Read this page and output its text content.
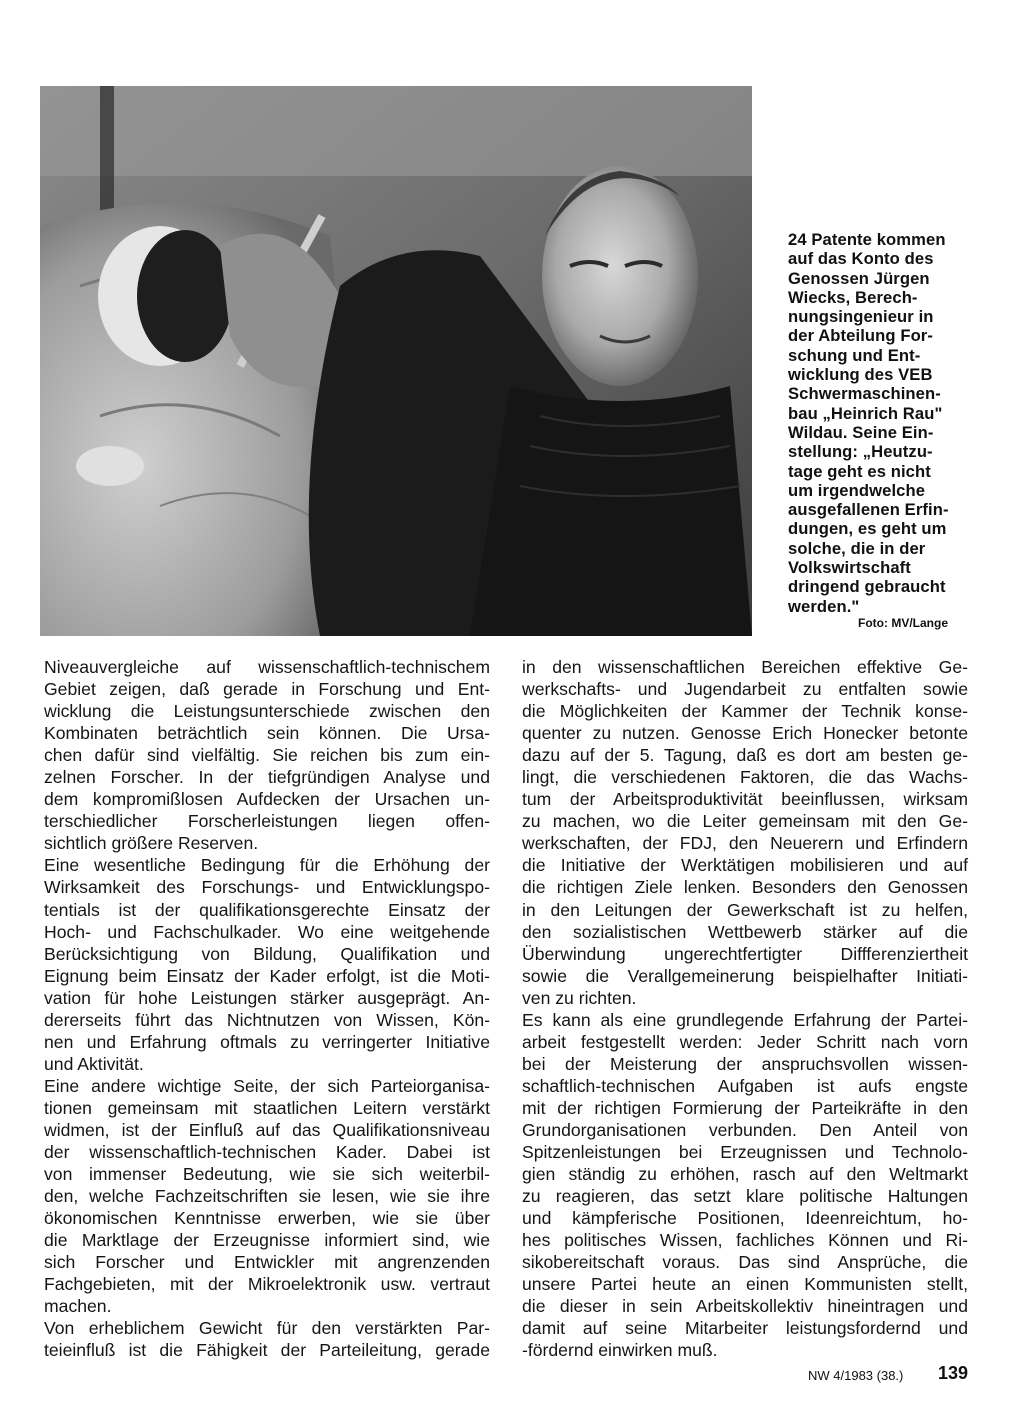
24 Patente kommen
auf das Konto des
Genossen Jürgen
Wiecks, Berech-
nungsingenieur in
der Abteilung For-
schung und Ent-
wicklung des VEB
Schwermaschinen-
bau „Heinrich Rau"
Wildau. Seine Ein-
stellung: „Heutzu-
tage geht es nicht
um irgendwelche
ausgefallenen Erfin-
dungen, es geht um
solche, die in der
Volkswirtschaft
dringend gebraucht
werden."
Foto: MV/Lange
Niveauvergleiche auf wissenschaftlich-technischem
Gebiet zeigen, daß gerade in Forschung und Ent-
wicklung die Leistungsunterschiede zwischen den
Kombinaten beträchtlich sein können. Die Ursa-
chen dafür sind vielfältig. Sie reichen bis zum ein-
zelnen Forscher. In der tiefgründigen Analyse und
dem kompromißlosen Aufdecken der Ursachen un-
terschiedlicher Forscherleistungen liegen offen-
sichtlich größere Reserven.
Eine wesentliche Bedingung für die Erhöhung der
Wirksamkeit des Forschungs- und Entwicklungspo-
tentials ist der qualifikationsgerechte Einsatz der
Hoch- und Fachschulkader. Wo eine weitgehende
Berücksichtigung von Bildung, Qualifikation und
Eignung beim Einsatz der Kader erfolgt, ist die Moti-
vation für hohe Leistungen stärker ausgeprägt. An-
dererseits führt das Nichtnutzen von Wissen, Kön-
nen und Erfahrung oftmals zu verringerter Initiative
und Aktivität.
Eine andere wichtige Seite, der sich Parteiorganisa-
tionen gemeinsam mit staatlichen Leitern verstärkt
widmen, ist der Einfluß auf das Qualifikationsniveau
der wissenschaftlich-technischen Kader. Dabei ist
von immenser Bedeutung, wie sie sich weiterbil-
den, welche Fachzeitschriften sie lesen, wie sie ihre
ökonomischen Kenntnisse erwerben, wie sie über
die Marktlage der Erzeugnisse informiert sind, wie
sich Forscher und Entwickler mit angrenzenden
Fachgebieten, mit der Mikroelektronik usw. vertraut
machen.
Von erheblichem Gewicht für den verstärkten Par-
teieinfluß ist die Fähigkeit der Parteileitung, gerade
in den wissenschaftlichen Bereichen effektive Ge-
werkschafts- und Jugendarbeit zu entfalten sowie
die Möglichkeiten der Kammer der Technik konse-
quenter zu nutzen. Genosse Erich Honecker betonte
dazu auf der 5. Tagung, daß es dort am besten ge-
lingt, die verschiedenen Faktoren, die das Wachs-
tum der Arbeitsproduktivität beeinflussen, wirksam
zu machen, wo die Leiter gemeinsam mit den Ge-
werkschaften, der FDJ, den Neuerern und Erfindern
die Initiative der Werktätigen mobilisieren und auf
die richtigen Ziele lenken. Besonders den Genossen
in den Leitungen der Gewerkschaft ist zu helfen,
den sozialistischen Wettbewerb stärker auf die
Überwindung ungerechtfertigter Diffferenziertheit
sowie die Verallgemeinerung beispielhafter Initiati-
ven zu richten.
Es kann als eine grundlegende Erfahrung der Partei-
arbeit festgestellt werden: Jeder Schritt nach vorn
bei der Meisterung der anspruchsvollen wissen-
schaftlich-technischen Aufgaben ist aufs engste
mit der richtigen Formierung der Parteikräfte in den
Grundorganisationen verbunden. Den Anteil von
Spitzenleistungen bei Erzeugnissen und Technolo-
gien ständig zu erhöhen, rasch auf den Weltmarkt
zu reagieren, das setzt klare politische Haltungen
und kämpferische Positionen, Ideenreichtum, ho-
hes politisches Wissen, fachliches Können und Ri-
sikobereitschaft voraus. Das sind Ansprüche, die
unsere Partei heute an einen Kommunisten stellt,
die dieser in sein Arbeitskollektiv hineintragen und
damit auf seine Mitarbeiter leistungsfordernd und
-fördernd einwirken muß.
NW 4/1983 (38.) 139
